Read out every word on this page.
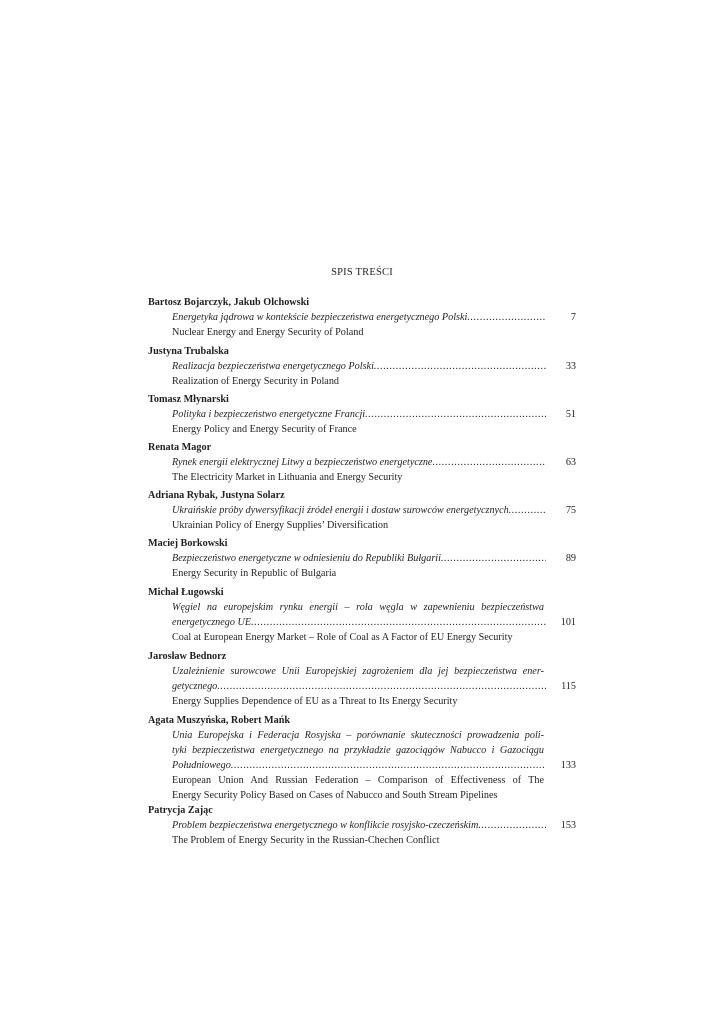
SPIS TREŚCI
Bartosz Bojarczyk, Jakub Olchowski
Energetyka jądrowa w kontekście bezpieczeństwa energetycznego Polski .....	7
Nuclear Energy and Energy Security of Poland
Justyna Trubalska
Realizacja bezpieczeństwa energetycznego Polski .....	33
Realization of Energy Security in Poland
Tomasz Młynarski
Polityka i bezpieczeństwo energetyczne Francji .....	51
Energy Policy and Energy Security of France
Renata Magor
Rynek energii elektrycznej Litwy a bezpieczeństwo energetyczne .....	63
The Electricity Market in Lithuania and Energy Security
Adriana Rybak, Justyna Solarz
Ukraińskie próby dywersyfikacji źródeł energii i dostaw surowców energetycznych .....	75
Ukrainian Policy of Energy Supplies’ Diversification
Maciej Borkowski
Bezpieczeństwo energetyczne w odniesieniu do Republiki Bułgarii .....	89
Energy Security in Republic of Bulgaria
Michał Ługowski
Węgiel na europejskim rynku energii – rola węgla w zapewnieniu bezpieczeństwa
energetycznego UE .....	101
Coal at European Energy Market – Role of Coal as A Factor of EU Energy Security
Jarosław Bednorz
Uzależnienie surowcowe Unii Europejskiej zagrożeniem dla jej bezpieczeństwa ener-
getycznego .....	115
Energy Supplies Dependence of EU as a Threat to Its Energy Security
Agata Muszyńska, Robert Mańk
Unia Europejska i Federacja Rosyjska – porównanie skuteczności prowadzenia poli-
tyki bezpieczeństwa energetycznego na przykładzie gazociągów Nabucco i Gazociągu
Południowego .....	133
European Union And Russian Federation – Comparison of Effectiveness of The
Energy Security Policy Based on Cases of Nabucco and South Stream Pipelines
Patrycja Zając
Problem bezpieczeństwa energetycznego w konflikcie rosyjsko-czeczeńskim .....	153
The Problem of Energy Security in the Russian-Chechen Conflict
